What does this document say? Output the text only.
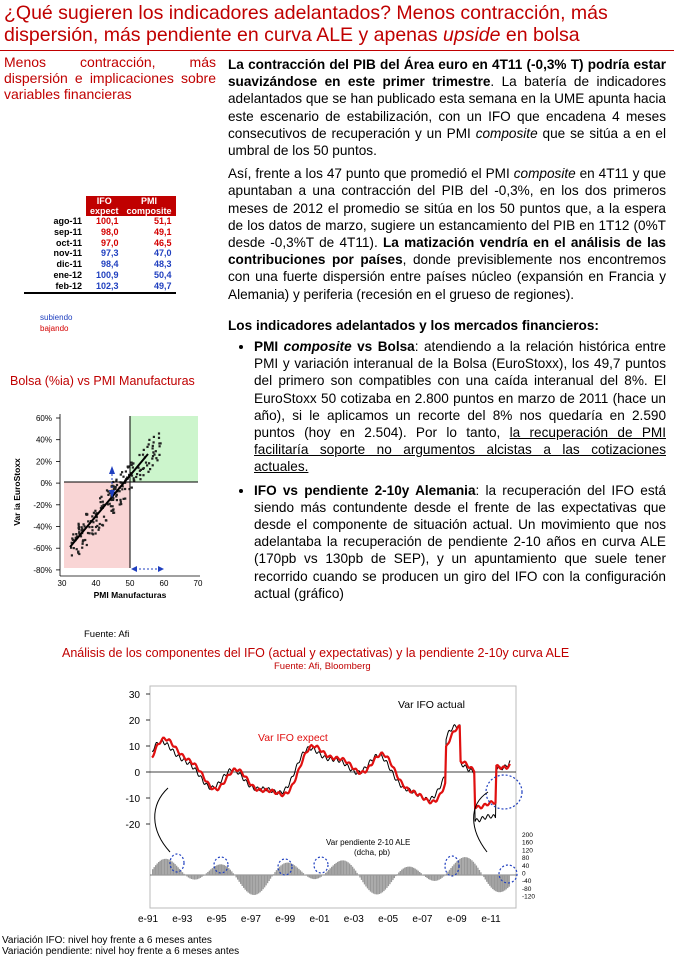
¿Qué sugieren los indicadores adelantados? Menos contracción, más dispersión, más pendiente en curva ALE y apenas upside en bolsa
Menos contracción, más dispersión e implicaciones sobre variables financieras
	IFO	PMI
	expect	composite
ago-11	100,1	51,1
sep-11	98,0	49,1
oct-11	97,0	46,5
nov-11	97,3	47,0
dic-11	98,4	48,3
ene-12	100,9	50,4
feb-12	102,3	49,7
subiendo
bajando
Bolsa (%ia) vs PMI Manufacturas
30	40	50	60	70
60%
40%
20%
0%
-20%
-40%
-60%
-80%
PMI Manufacturas
Var ia EuroStoxx
Fuente: Afi

La contracción del PIB del Área euro en 4T11 (-0,3% T) podría estar suavizándose en este primer trimestre. La batería de indicadores adelantados que se han publicado esta semana en la UME apunta hacia este escenario de estabilización, con un IFO que encadena 4 meses consecutivos de recuperación y un PMI composite que se sitúa a en el umbral de los 50 puntos.

Así, frente a los 47 punto que promedió el PMI composite en 4T11 y que apuntaban a una contracción del PIB del -0,3%, en los dos primeros meses de 2012 el promedio se sitúa en los 50 puntos que, a la espera de los datos de marzo, sugiere un estancamiento del PIB en 1T12 (0%T desde -0,3%T de 4T11). La matización vendría en el análisis de las contribuciones por países, donde previsiblemente nos encontremos con una fuerte dispersión entre países núcleo (expansión en Francia y Alemania) y periferia (recesión en el grueso de regiones).

Los indicadores adelantados y los mercados financieros:
• PMI composite vs Bolsa: atendiendo a la relación histórica entre PMI y variación interanual de la Bolsa (EuroStoxx), los 49,7 puntos del primero son compatibles con una caída interanual del 8%. El EuroStoxx 50 cotizaba en 2.800 puntos en marzo de 2011 (hace un año), si le aplicamos un recorte del 8% nos quedaría en 2.590 puntos (hoy en 2.504). Por lo tanto, la recuperación de PMI facilitaría soporte no argumentos alcistas a las cotizaciones actuales.
• IFO vs pendiente 2-10y Alemania: la recuperación del IFO está siendo más contundente desde el frente de las expectativas que desde el componente de situación actual. Un movimiento que nos adelantaba la recuperación de pendiente 2-10 años en curva ALE (170pb vs 130pb de SEP), y un apuntamiento que suele tener recorrido cuando se producen un giro del IFO con la configuración actual (gráfico)
Análisis de los componentes del IFO (actual y expectativas) y la pendiente 2-10y curva ALE
Fuente: Afi, Bloomberg
30
20
10
0
-10
-20
200
160
120
80
40
0
-40
-80
-120
e-91 e-93 e-95 e-97 e-99 e-01 e-03 e-05 e-07 e-09 e-11
Var IFO actual
Var IFO expect
Var pendiente 2-10 ALE
(dcha, pb)
Variación IFO: nivel hoy frente a 6 meses antes
Variación pendiente: nivel hoy frente a 6 meses antes
